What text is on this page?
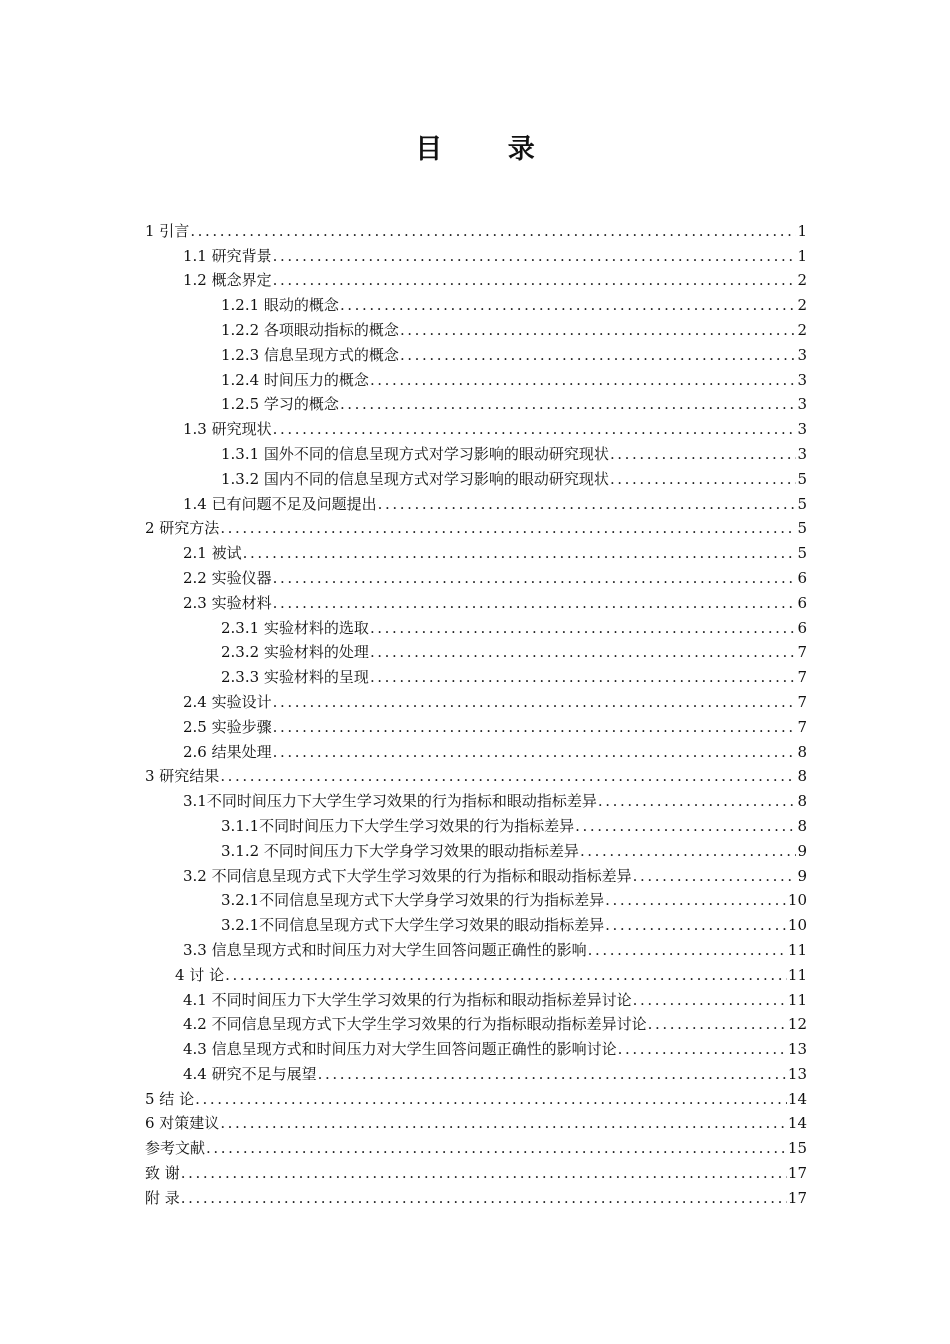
目 录
1 引言 .....	1
1.1 研究背景 .....	1
1.2 概念界定 .....	2
1.2.1 眼动的概念 .....	2
1.2.2 各项眼动指标的概念 .....	2
1.2.3 信息呈现方式的概念 .....	3
1.2.4 时间压力的概念 .....	3
1.2.5 学习的概念 .....	3
1.3 研究现状 .....	3
1.3.1 国外不同的信息呈现方式对学习影响的眼动研究现状 .....	3
1.3.2 国内不同的信息呈现方式对学习影响的眼动研究现状 .....	5
1.4 已有问题不足及问题提出 .....	5
2 研究方法 .....	5
2.1 被试 .....	5
2.2 实验仪器 .....	6
2.3 实验材料 .....	6
2.3.1 实验材料的选取 .....	6
2.3.2 实验材料的处理 .....	7
2.3.3 实验材料的呈现 .....	7
2.4 实验设计 .....	7
2.5 实验步骤 .....	7
2.6 结果处理 .....	8
3 研究结果 .....	8
3.1不同时间压力下大学生学习效果的行为指标和眼动指标差异 .....	8
3.1.1不同时间压力下大学生学习效果的行为指标差异 .....	8
3.1.2 不同时间压力下大学身学习效果的眼动指标差异 .....	9
3.2 不同信息呈现方式下大学生学习效果的行为指标和眼动指标差异 .....	9
3.2.1不同信息呈现方式下大学身学习效果的行为指标差异 .....	10
3.2.1不同信息呈现方式下大学生学习效果的眼动指标差异 .....	10
3.3 信息呈现方式和时间压力对大学生回答问题正确性的影响 .....	11
4 讨 论 .....	11
4.1 不同时间压力下大学生学习效果的行为指标和眼动指标差异讨论 .....	11
4.2 不同信息呈现方式下大学生学习效果的行为指标眼动指标差异讨论 .....	12
4.3 信息呈现方式和时间压力对大学生回答问题正确性的影响讨论 .....	13
4.4 研究不足与展望 .....	13
5 结 论 .....	14
6 对策建议 .....	14
参考文献 .....	15
致 谢 .....	17
附 录 .....	17
